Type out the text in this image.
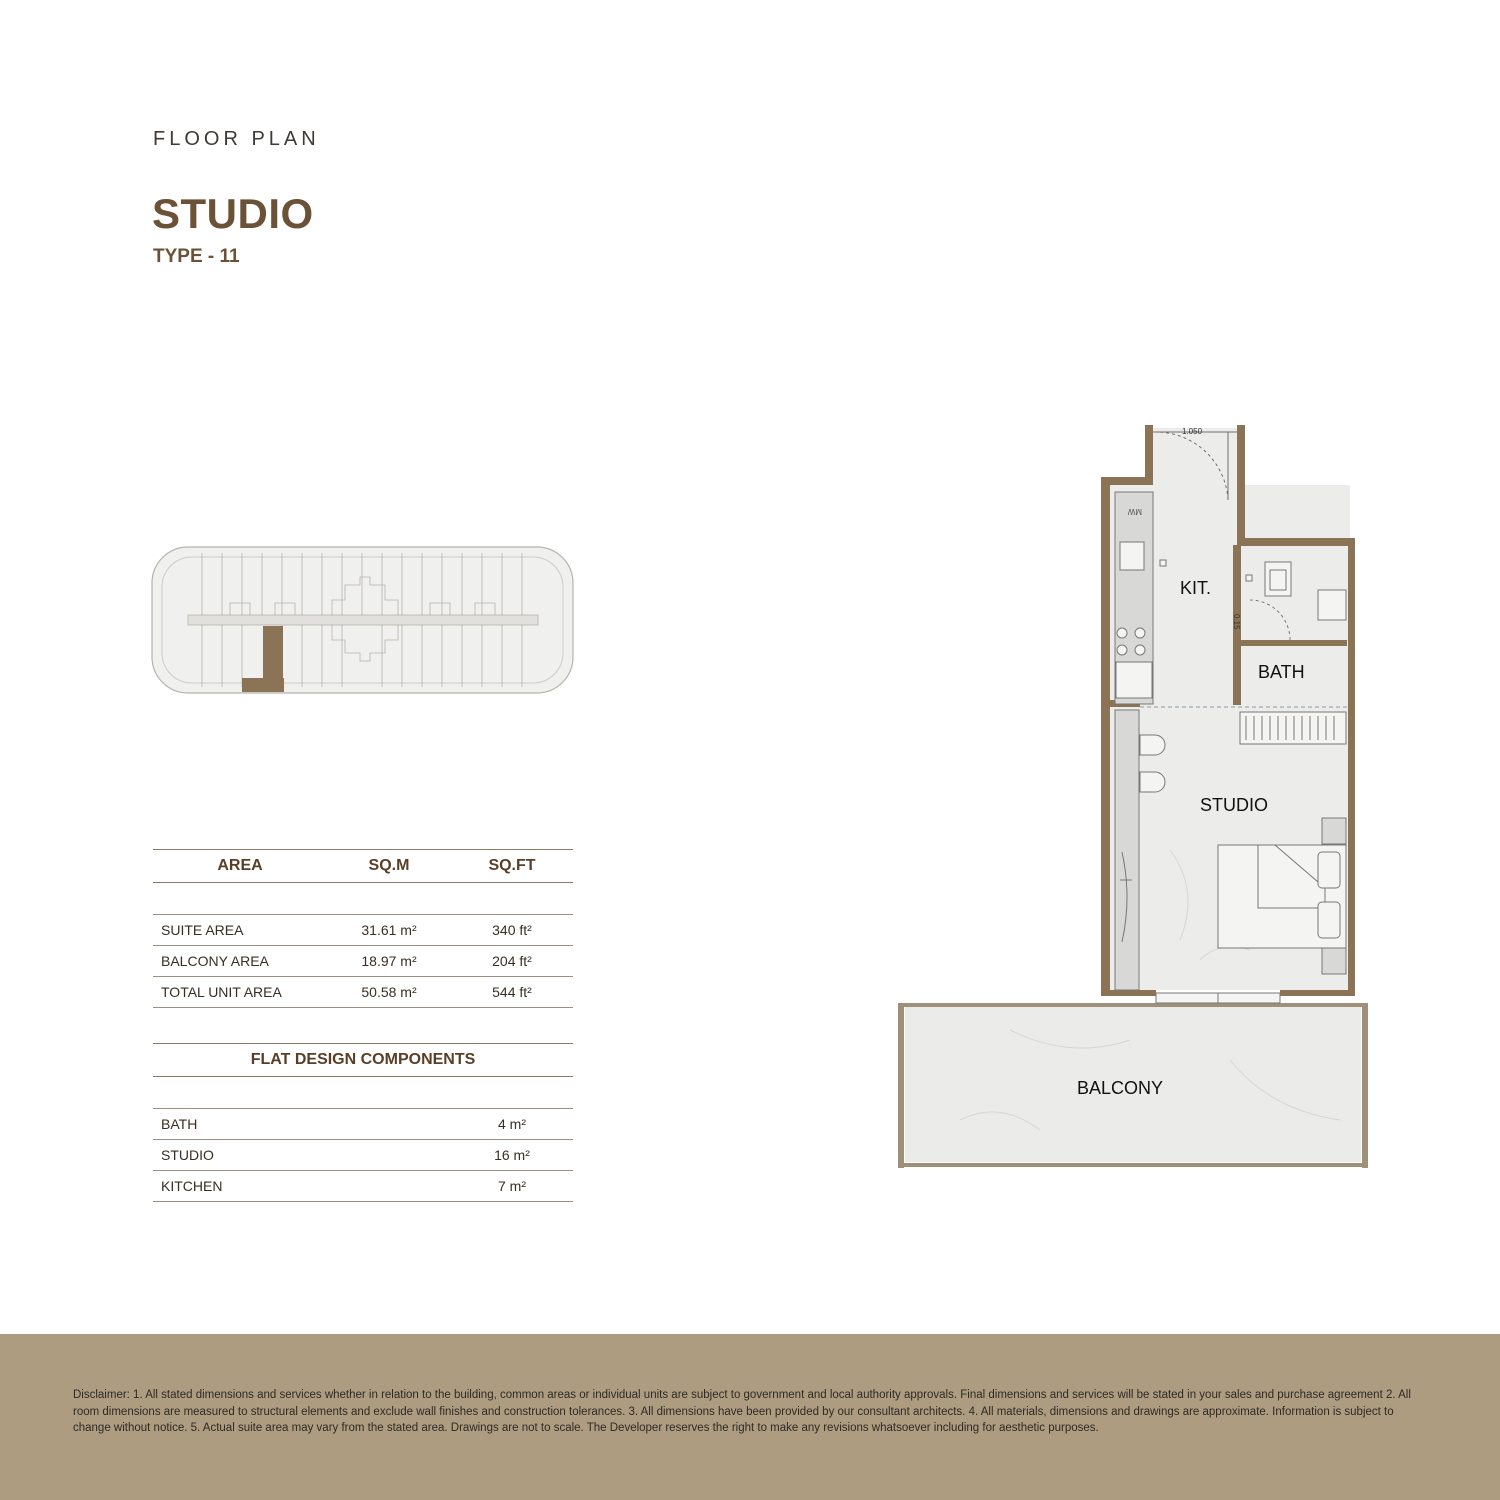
FLOOR PLAN
STUDIO
TYPE - 11
AREA	SQ.M	SQ.FT

SUITE AREA	31.61 m²	340 ft²
BALCONY AREA	18.97 m²	204 ft²
TOTAL UNIT AREA	50.58 m²	544 ft²
FLAT DESIGN COMPONENTS		

BATH		4 m²
STUDIO		16 m²
KITCHEN		7 m²
1.050
MW
0.15
KIT.
BATH
STUDIO
BALCONY
Disclaimer: 1. All stated dimensions and services whether in relation to the building, common areas or individual units are subject to government and local authority approvals. Final dimensions and services will be stated in your sales and purchase agreement 2. All room dimensions are measured to structural elements and exclude wall finishes and construction tolerances. 3. All dimensions have been provided by our consultant architects. 4. All materials, dimensions and drawings are approximate. Information is subject to change without notice. 5. Actual suite area may vary from the stated area. Drawings are not to scale. The Developer reserves the right to make any revisions whatsoever including for aesthetic purposes.
